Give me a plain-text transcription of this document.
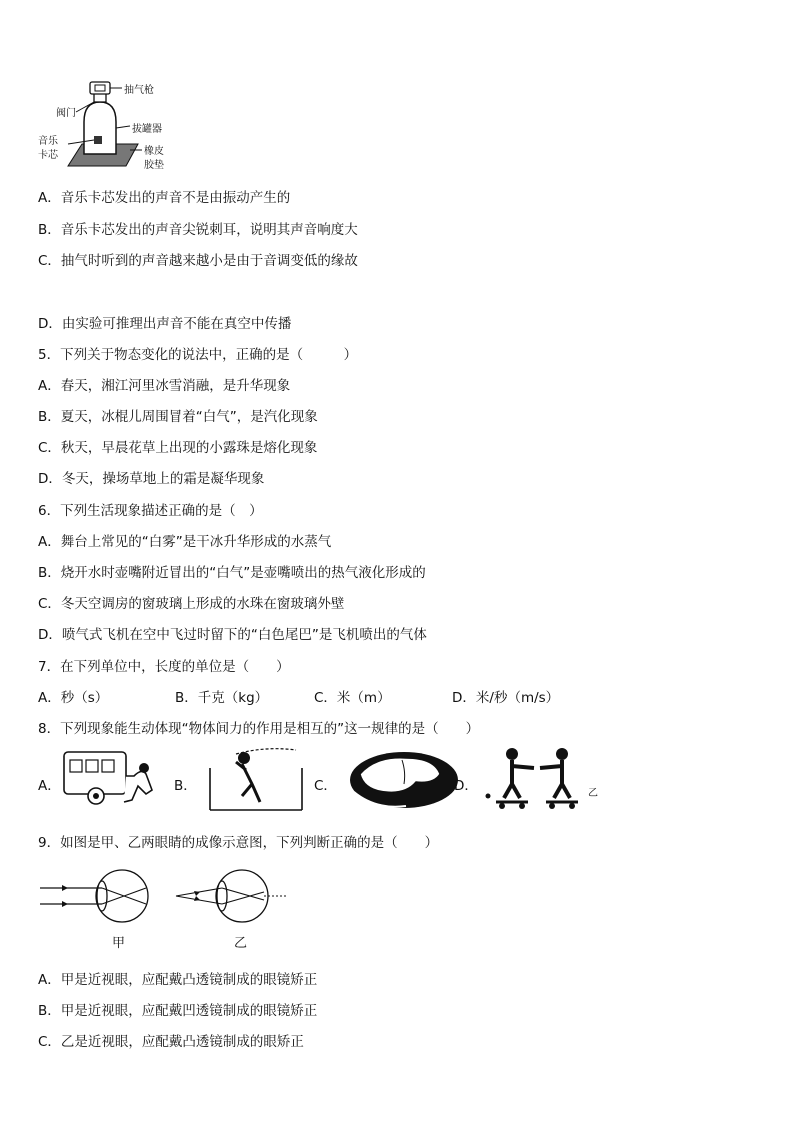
抽气枪
阀门
拔罐器
音乐
卡芯	橡皮
胶垫
A．音乐卡芯发出的声音不是由振动产生的
B．音乐卡芯发出的声音尖锐刺耳，说明其声音响度大
C．抽气时听到的声音越来越小是由于音调变低的缘故
D．由实验可推理出声音不能在真空中传播
5．下列关于物态变化的说法中，正确的是（　　　）
A．春天，湘江河里冰雪消融，是升华现象
B．夏天，冰棍儿周围冒着“白气”，是汽化现象
C．秋天，早晨花草上出现的小露珠是熔化现象
D．冬天，操场草地上的霜是凝华现象
6．下列生活现象描述正确的是（　）
A．舞台上常见的“白雾”是干冰升华形成的水蒸气
B．烧开水时壶嘴附近冒出的“白气”是壶嘴喷出的热气液化形成的
C．冬天空调房的窗玻璃上形成的水珠在窗玻璃外壁
D．喷气式飞机在空中飞过时留下的“白色尾巴”是飞机喷出的气体
7．在下列单位中，长度的单位是（　　）
A．秒（s）	B．千克（kg）	C．米（m）	D．米/秒（m/s）
8．下列现象能生动体现“物体间力的作用是相互的”这一规律的是（　　）
A．	B．	C．	D．	乙
9．如图是甲、乙两眼睛的成像示意图，下列判断正确的是（　　）
甲	乙
A．甲是近视眼，应配戴凸透镜制成的眼镜矫正
B．甲是近视眼，应配戴凹透镜制成的眼镜矫正
C．乙是近视眼，应配戴凸透镜制成的眼矫正
